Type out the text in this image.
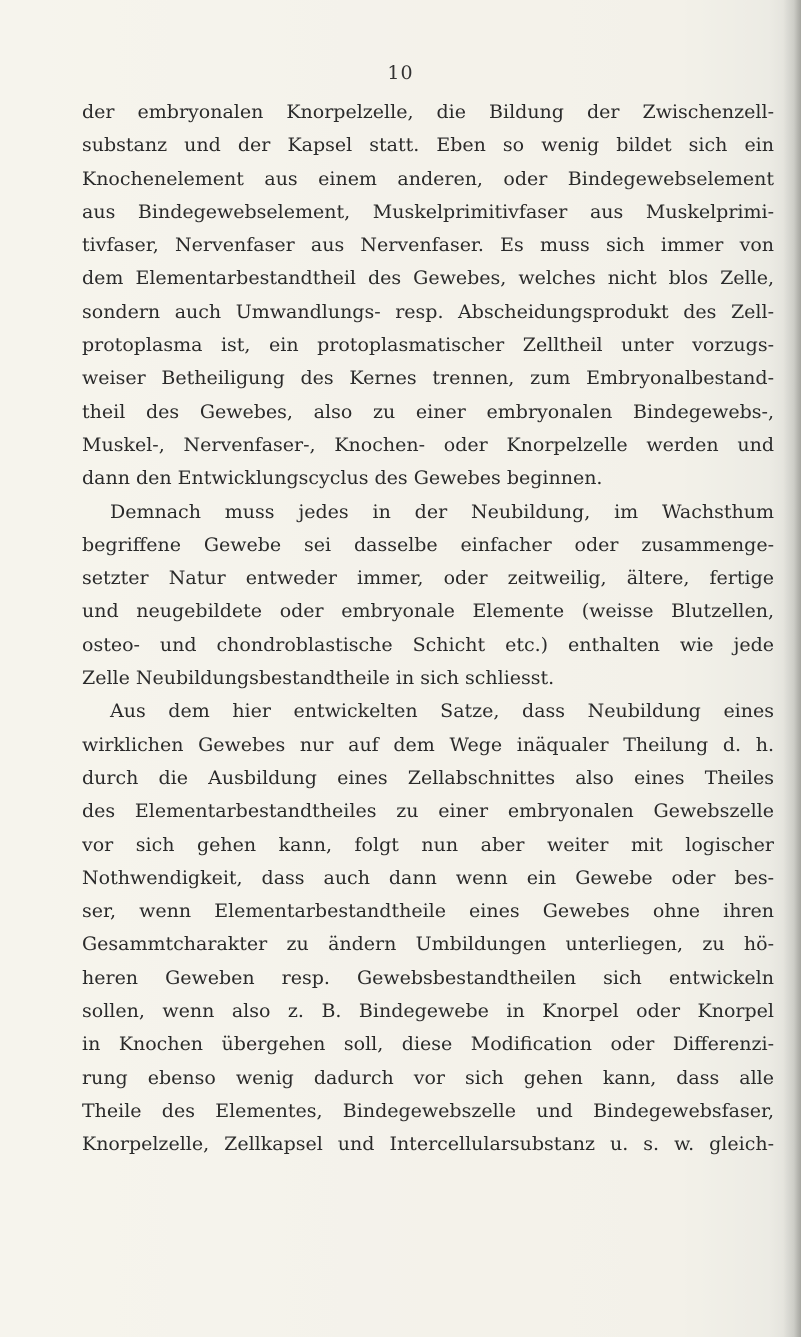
10
der embryonalen Knorpelzelle, die Bildung der Zwischenzell-
substanz und der Kapsel statt. Eben so wenig bildet sich ein
Knochenelement aus einem anderen, oder Bindegewebselement
aus Bindegewebselement, Muskelprimitivfaser aus Muskelprimi-
tivfaser, Nervenfaser aus Nervenfaser. Es muss sich immer von
dem Elementarbestandtheil des Gewebes, welches nicht blos Zelle,
sondern auch Umwandlungs- resp. Abscheidungsprodukt des Zell-
protoplasma ist, ein protoplasmatischer Zelltheil unter vorzugs-
weiser Betheiligung des Kernes trennen, zum Embryonalbestand-
theil des Gewebes, also zu einer embryonalen Bindegewebs-,
Muskel-, Nervenfaser-, Knochen- oder Knorpelzelle werden und
dann den Entwicklungscyclus des Gewebes beginnen.
Demnach muss jedes in der Neubildung, im Wachsthum
begriffene Gewebe sei dasselbe einfacher oder zusammenge-
setzter Natur entweder immer, oder zeitweilig, ältere, fertige
und neugebildete oder embryonale Elemente (weisse Blutzellen,
osteo- und chondroblastische Schicht etc.) enthalten wie jede
Zelle Neubildungsbestandtheile in sich schliesst.
Aus dem hier entwickelten Satze, dass Neubildung eines
wirklichen Gewebes nur auf dem Wege inäqualer Theilung d. h.
durch die Ausbildung eines Zellabschnittes also eines Theiles
des Elementarbestandtheiles zu einer embryonalen Gewebszelle
vor sich gehen kann, folgt nun aber weiter mit logischer
Nothwendigkeit, dass auch dann wenn ein Gewebe oder bes-
ser, wenn Elementarbestandtheile eines Gewebes ohne ihren
Gesammtcharakter zu ändern Umbildungen unterliegen, zu hö-
heren Geweben resp. Gewebsbestandtheilen sich entwickeln
sollen, wenn also z. B. Bindegewebe in Knorpel oder Knorpel
in Knochen übergehen soll, diese Modification oder Differenzi-
rung ebenso wenig dadurch vor sich gehen kann, dass alle
Theile des Elementes, Bindegewebszelle und Bindegewebsfaser,
Knorpelzelle, Zellkapsel und Intercellularsubstanz u. s. w. gleich-
